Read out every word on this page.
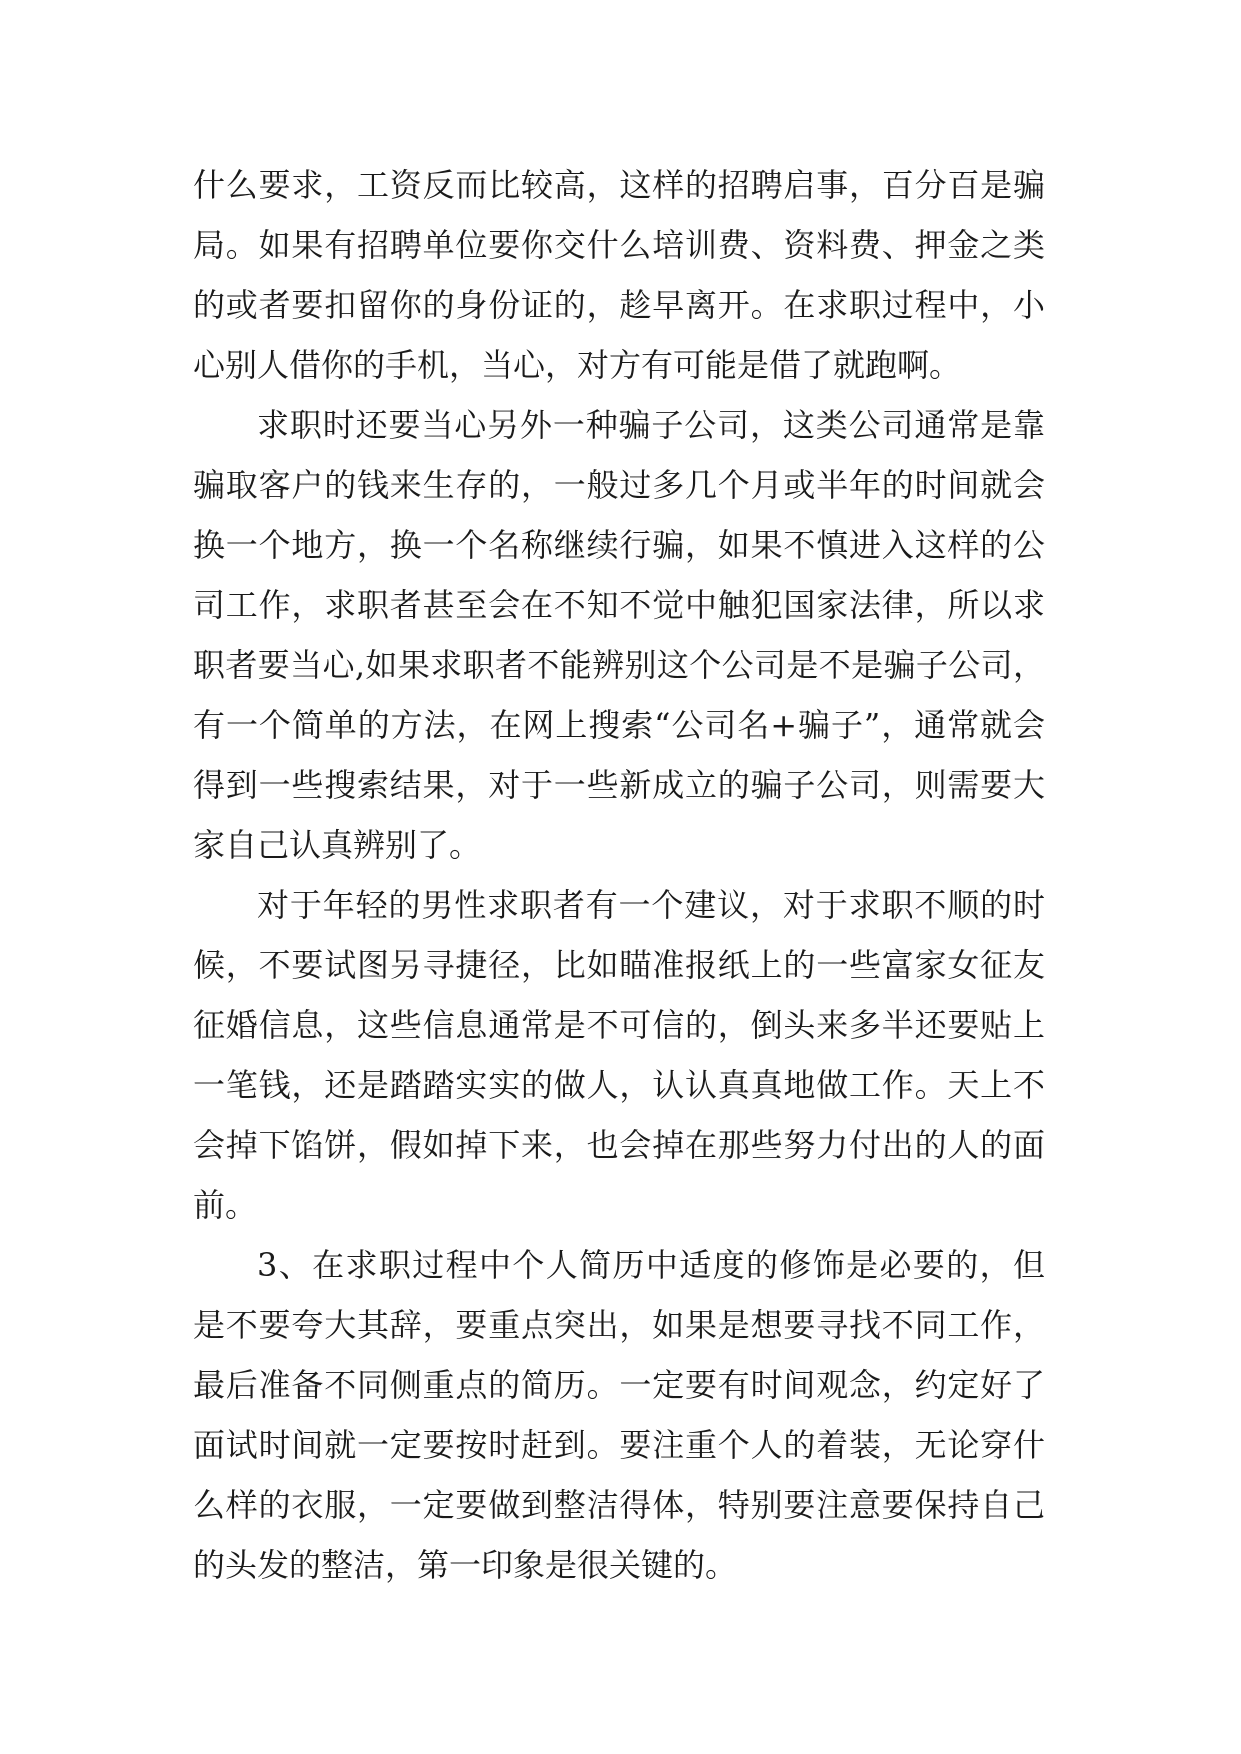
什么要求，工资反而比较高，这样的招聘启事，百分百是骗局。如果有招聘单位要你交什么培训费、资料费、押金之类的或者要扣留你的身份证的，趁早离开。在求职过程中，小心别人借你的手机，当心，对方有可能是借了就跑啊。

求职时还要当心另外一种骗子公司，这类公司通常是靠骗取客户的钱来生存的，一般过多几个月或半年的时间就会换一个地方，换一个名称继续行骗，如果不慎进入这样的公司工作，求职者甚至会在不知不觉中触犯国家法律，所以求职者要当心,如果求职者不能辨别这个公司是不是骗子公司，有一个简单的方法，在网上搜索“公司名+骗子”，通常就会得到一些搜索结果，对于一些新成立的骗子公司，则需要大家自己认真辨别了。

对于年轻的男性求职者有一个建议，对于求职不顺的时候，不要试图另寻捷径，比如瞄准报纸上的一些富家女征友征婚信息，这些信息通常是不可信的，倒头来多半还要贴上一笔钱，还是踏踏实实的做人，认认真真地做工作。天上不会掉下馅饼，假如掉下来，也会掉在那些努力付出的人的面前。

3、在求职过程中个人简历中适度的修饰是必要的，但是不要夸大其辞，要重点突出，如果是想要寻找不同工作，最后准备不同侧重点的简历。一定要有时间观念，约定好了面试时间就一定要按时赶到。要注重个人的着装，无论穿什么样的衣服，一定要做到整洁得体，特别要注意要保持自己的头发的整洁，第一印象是很关键的。
